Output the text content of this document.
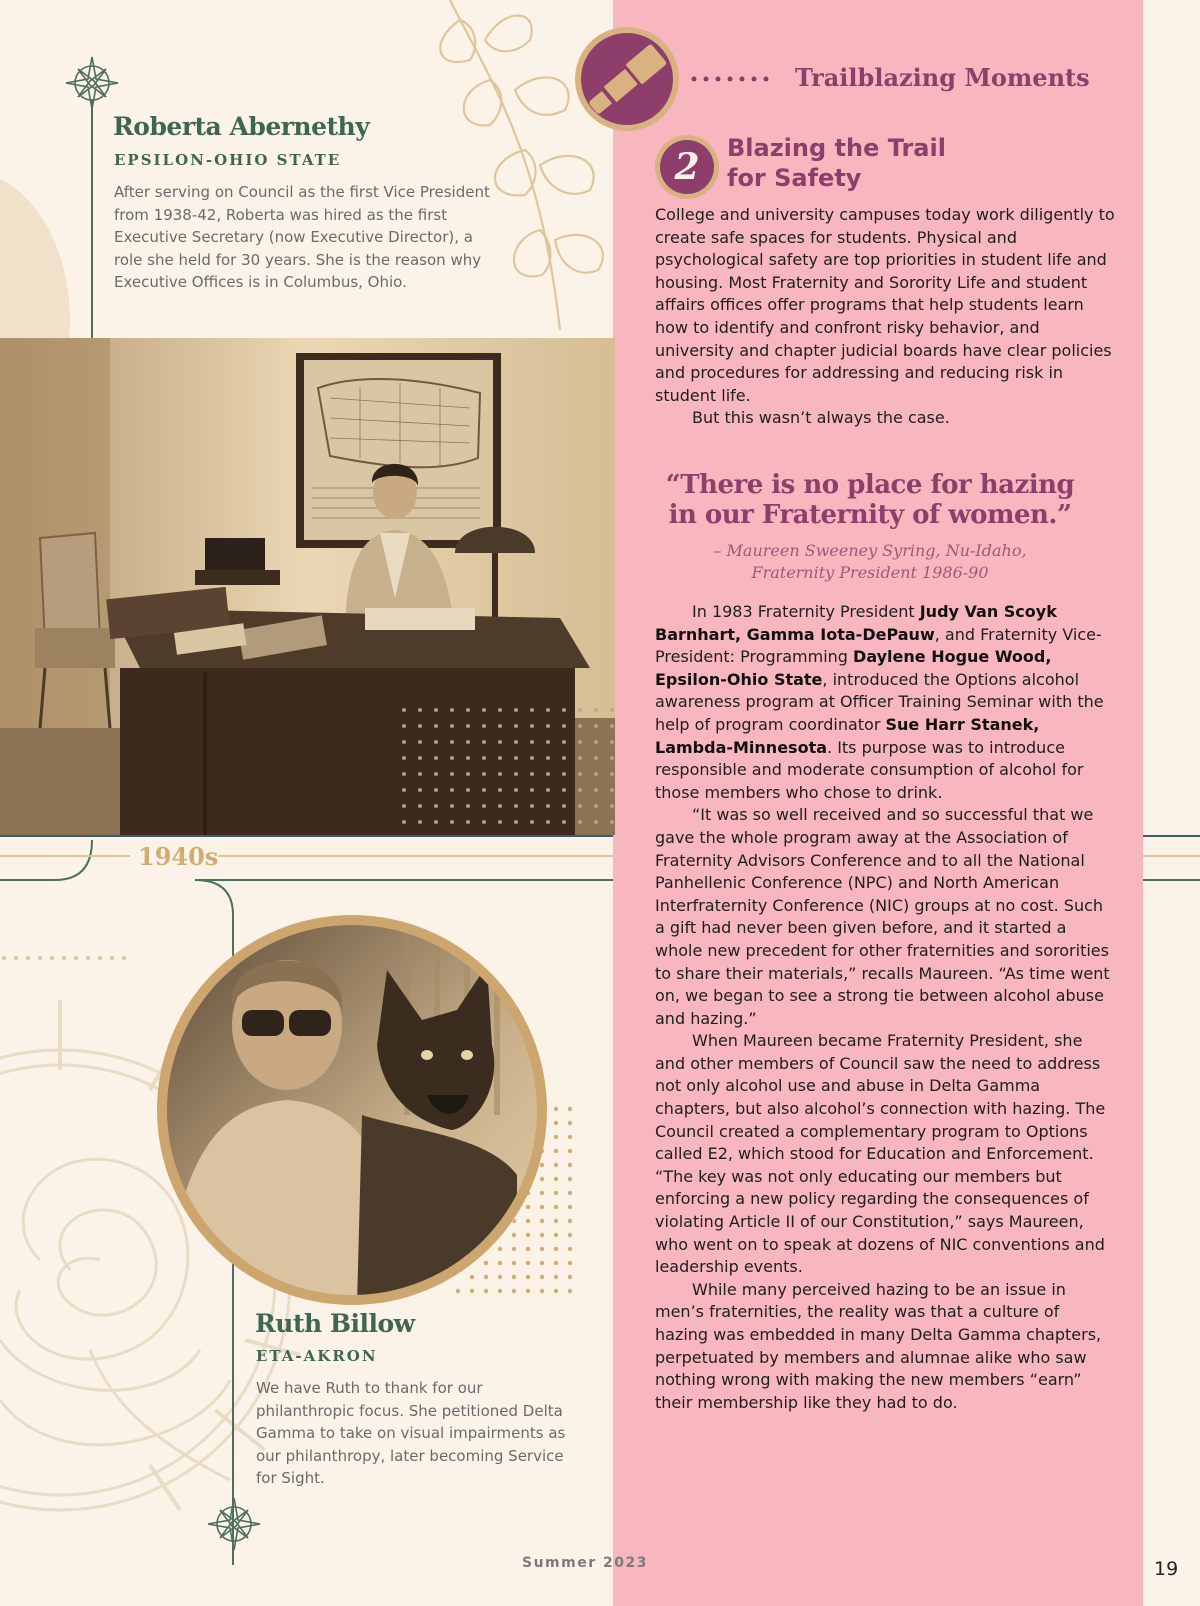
Roberta Abernethy
EPSILON-OHIO STATE
After serving on Council as the first Vice President from 1938-42, Roberta was hired as the first Executive Secretary (now Executive Director), a role she held for 30 years. She is the reason why Executive Offices is in Columbus, Ohio.
1940s
Ruth Billow
ETA-AKRON
We have Ruth to thank for our philanthropic focus. She petitioned Delta Gamma to take on visual impairments as our philanthropy, later becoming Service for Sight.
Trailblazing Moments
2	Blazing the Trail
for Safety

College and university campuses today work diligently to create safe spaces for students. Physical and psychological safety are top priorities in student life and housing. Most Fraternity and Sorority Life and student affairs offices offer programs that help students learn how to identify and confront risky behavior, and university and chapter judicial boards have clear policies and procedures for addressing and reducing risk in student life.

But this wasn’t always the case.

“There is no place for hazing
in our Fraternity of women.”
– Maureen Sweeney Syring, Nu-Idaho,
Fraternity President 1986-90

In 1983 Fraternity President Judy Van Scoyk Barnhart, Gamma Iota-DePauw, and Fraternity Vice-President: Programming Daylene Hogue Wood, Epsilon-Ohio State, introduced the Options alcohol awareness program at Officer Training Seminar with the help of program coordinator Sue Harr Stanek, Lambda-Minnesota. Its purpose was to introduce responsible and moderate consumption of alcohol for those members who chose to drink.

“It was so well received and so successful that we gave the whole program away at the Association of Fraternity Advisors Conference and to all the National Panhellenic Conference (NPC) and North American Interfraternity Conference (NIC) groups at no cost. Such a gift had never been given before, and it started a whole new precedent for other fraternities and sororities to share their materials,” recalls Maureen. “As time went on, we began to see a strong tie between alcohol abuse and hazing.”

When Maureen became Fraternity President, she and other members of Council saw the need to address not only alcohol use and abuse in Delta Gamma chapters, but also alcohol’s connection with hazing. The Council created a complementary program to Options called E2, which stood for Education and Enforcement. “The key was not only educating our members but enforcing a new policy regarding the consequences of violating Article II of our Constitution,” says Maureen, who went on to speak at dozens of NIC conventions and leadership events.

While many perceived hazing to be an issue in men’s fraternities, the reality was that a culture of hazing was embedded in many Delta Gamma chapters, perpetuated by members and alumnae alike who saw nothing wrong with making the new members “earn” their membership like they had to do.

Summer 2023	19
